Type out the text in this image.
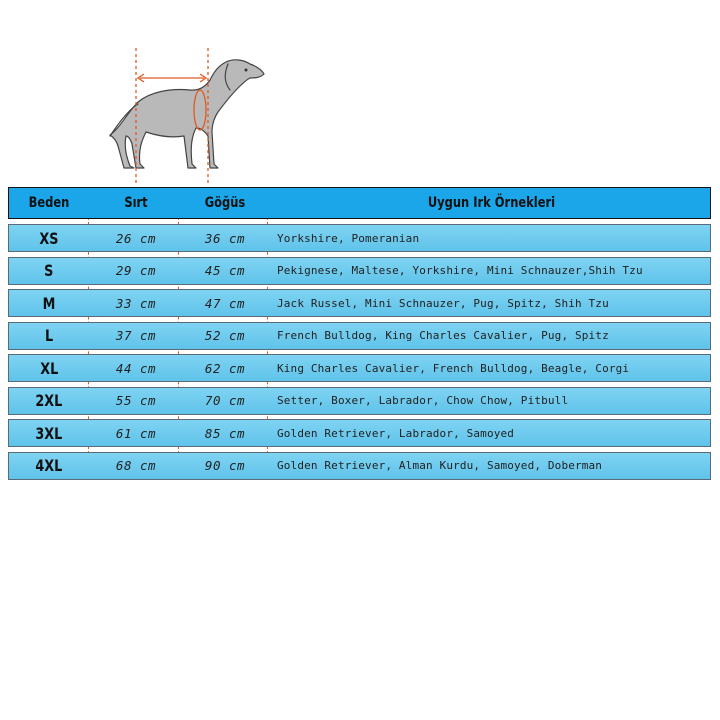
Beden	Sırt	Göğüs	Uygun Irk Örnekleri
XS	26 cm	36 cm	Yorkshire, Pomeranian
S	29 cm	45 cm	Pekignese, Maltese, Yorkshire, Mini Schnauzer,Shih Tzu
M	33 cm	47 cm	Jack Russel, Mini Schnauzer, Pug, Spitz, Shih Tzu
L	37 cm	52 cm	French Bulldog, King Charles Cavalier, Pug, Spitz
XL	44 cm	62 cm	King Charles Cavalier, French Bulldog, Beagle, Corgi
2XL	55 cm	70 cm	Setter, Boxer, Labrador, Chow Chow, Pitbull
3XL	61 cm	85 cm	Golden Retriever, Labrador, Samoyed
4XL	68 cm	90 cm	Golden Retriever, Alman Kurdu, Samoyed, Doberman
